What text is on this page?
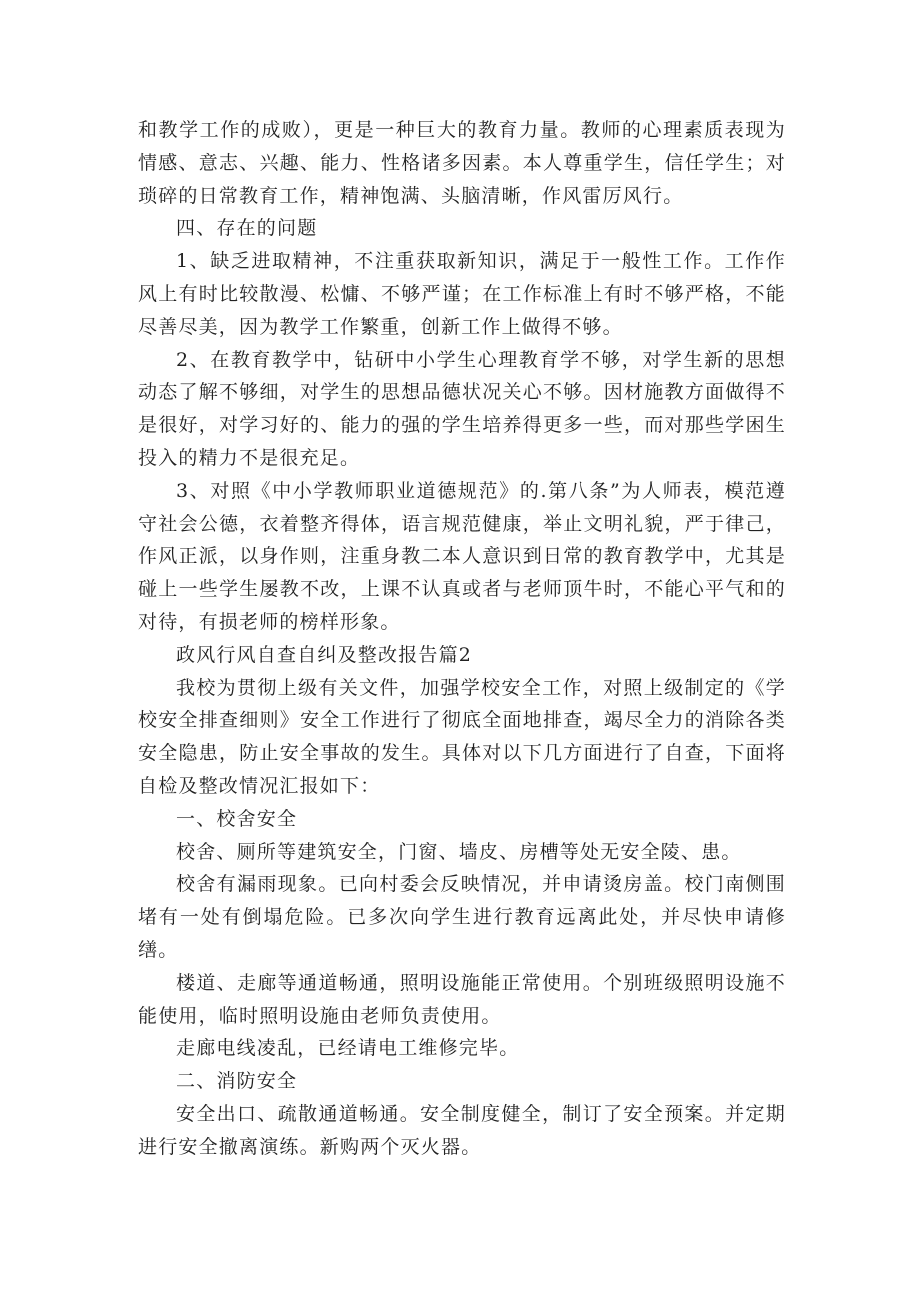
和教学工作的成败），更是一种巨大的教育力量。教师的心理素质表现为情感、意志、兴趣、能力、性格诸多因素。本人尊重学生，信任学生；对琐碎的日常教育工作，精神饱满、头脑清晰，作风雷厉风行。

四、存在的问题

1、缺乏进取精神，不注重获取新知识，满足于一般性工作。工作作风上有时比较散漫、松慵、不够严谨；在工作标准上有时不够严格，不能尽善尽美，因为教学工作繁重，创新工作上做得不够。

2、在教育教学中，钻研中小学生心理教育学不够，对学生新的思想动态了解不够细，对学生的思想品德状况关心不够。因材施教方面做得不是很好，对学习好的、能力的强的学生培养得更多一些，而对那些学困生投入的精力不是很充足。

3、对照《中小学教师职业道德规范》的.第八条”为人师表，模范遵守社会公德，衣着整齐得体，语言规范健康，举止文明礼貌，严于律己，作风正派，以身作则，注重身教二本人意识到日常的教育教学中，尤其是碰上一些学生屡教不改，上课不认真或者与老师顶牛时，不能心平气和的对待，有损老师的榜样形象。

政风行风自查自纠及整改报告篇2

我校为贯彻上级有关文件，加强学校安全工作，对照上级制定的《学校安全排查细则》安全工作进行了彻底全面地排查，竭尽全力的消除各类安全隐患，防止安全事故的发生。具体对以下几方面进行了自查，下面将自检及整改情况汇报如下：

一、校舍安全

校舍、厕所等建筑安全，门窗、墙皮、房槽等处无安全陵、患。

校舍有漏雨现象。已向村委会反映情况，并申请烫房盖。校门南侧围堵有一处有倒塌危险。已多次向学生进行教育远离此处，并尽快申请修缮。

楼道、走廊等通道畅通，照明设施能正常使用。个别班级照明设施不能使用，临时照明设施由老师负责使用。

走廊电线凌乱，已经请电工维修完毕。

二、消防安全

安全出口、疏散通道畅通。安全制度健全，制订了安全预案。并定期进行安全撤离演练。新购两个灭火器。
